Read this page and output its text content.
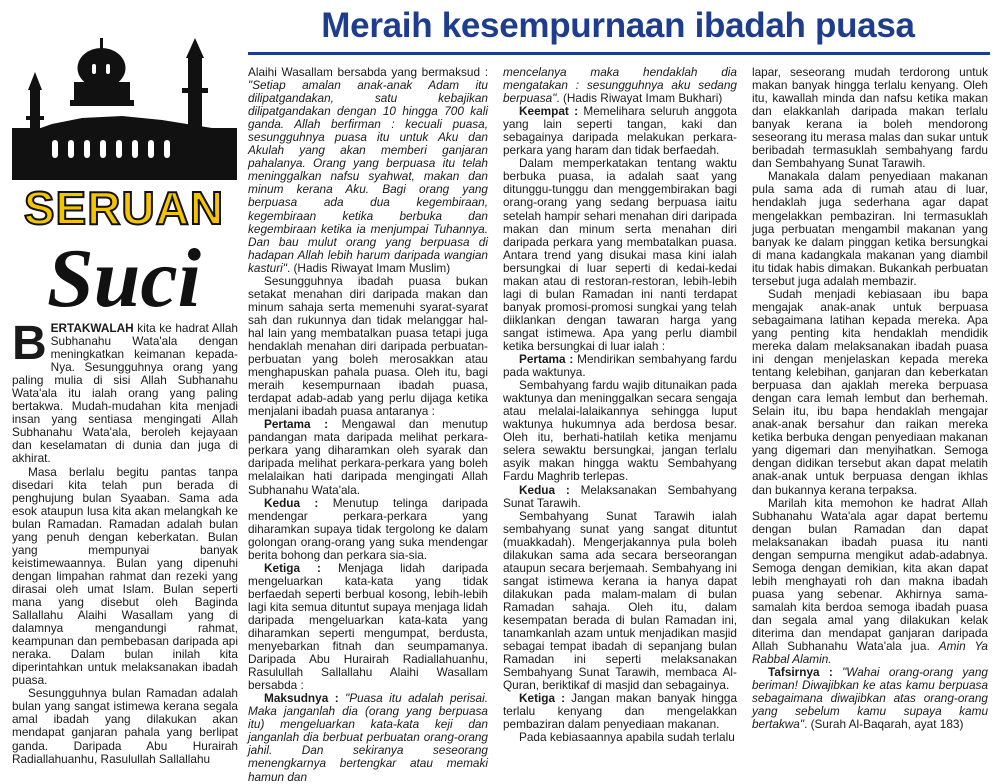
Meraih kesempurnaan ibadah puasa
SERUAN
Suci

BERTAKWALAH kita ke hadrat Allah Subhanahu Wata'ala dengan meningkatkan keimanan kepada-Nya. Sesungguhnya orang yang paling mulia di sisi Allah Subhanahu Wata'ala itu ialah orang yang paling bertakwa. Mudah-mudahan kita menjadi insan yang sentiasa mengingati Allah Subhanahu Wata'ala, beroleh kejayaan dan keselamatan di dunia dan juga di akhirat.

Masa berlalu begitu pantas tanpa disedari kita telah pun berada di penghujung bulan Syaaban. Sama ada esok ataupun lusa kita akan melangkah ke bulan Ramadan. Ramadan adalah bulan yang penuh dengan keberkatan. Bulan yang mempunyai banyak keistimewaannya. Bulan yang dipenuhi dengan limpahan rahmat dan rezeki yang dirasai oleh umat Islam. Bulan seperti mana yang disebut oleh Baginda Sallallahu Alaihi Wasallam yang di dalamnya mengandungi rahmat, keampunan dan pembebasan daripada api neraka. Dalam bulan inilah kita diperintahkan untuk melaksanakan ibadah puasa.

Sesungguhnya bulan Ramadan adalah bulan yang sangat istimewa kerana segala amal ibadah yang dilakukan akan mendapat ganjaran pahala yang berlipat ganda. Daripada Abu Hurairah Radiallahuanhu, Rasulullah Sallallahu

Alaihi Wasallam bersabda yang bermaksud : "Setiap amalan anak-anak Adam itu dilipatgandakan, satu kebajikan dilipatgandakan dengan 10 hingga 700 kali ganda. Allah berfirman : kecuali puasa, sesungguhnya puasa itu untuk Aku dan Akulah yang akan memberi ganjaran pahalanya. Orang yang berpuasa itu telah meninggalkan nafsu syahwat, makan dan minum kerana Aku. Bagi orang yang berpuasa ada dua kegembiraan, kegembiraan ketika berbuka dan kegembiraan ketika ia menjumpai Tuhannya. Dan bau mulut orang yang berpuasa di hadapan Allah lebih harum daripada wangian kasturi". (Hadis Riwayat Imam Muslim)

Sesungguhnya ibadah puasa bukan setakat menahan diri daripada makan dan minum sahaja serta memenuhi syarat-syarat sah dan rukunnya dan tidak melanggar hal-hal lain yang membatalkan puasa tetapi juga hendaklah menahan diri daripada perbuatan-perbuatan yang boleh merosakkan atau menghapuskan pahala puasa. Oleh itu, bagi meraih kesempurnaan ibadah puasa, terdapat adab-adab yang perlu dijaga ketika menjalani ibadah puasa antaranya :

Pertama : Mengawal dan menutup pandangan mata daripada melihat perkara-perkara yang diharamkan oleh syarak dan daripada melihat perkara-perkara yang boleh melalaikan hati daripada mengingati Allah Subhanahu Wata'ala.

Kedua : Menutup telinga daripada mendengar perkara-perkara yang diharamkan supaya tidak tergolong ke dalam golongan orang-orang yang suka mendengar berita bohong dan perkara sia-sia.

Ketiga : Menjaga lidah daripada mengeluarkan kata-kata yang tidak berfaedah seperti berbual kosong, lebih-lebih lagi kita semua dituntut supaya menjaga lidah daripada mengeluarkan kata-kata yang diharamkan seperti mengumpat, berdusta, menyebarkan fitnah dan seumpamanya. Daripada Abu Hurairah Radiallahuanhu, Rasulullah Sallallahu Alaihi Wasallam bersabda :

Maksudnya : "Puasa itu adalah perisai. Maka janganlah dia (orang yang berpuasa itu) mengeluarkan kata-kata keji dan janganlah dia berbuat perbuatan orang-orang jahil. Dan sekiranya seseorang menengkarnya bertengkar atau memaki hamun dan

mencelanya maka hendaklah dia mengatakan : sesungguhnya aku sedang berpuasa". (Hadis Riwayat Imam Bukhari)

Keempat : Memelihara seluruh anggota yang lain seperti tangan, kaki dan sebagainya daripada melakukan perkara-perkara yang haram dan tidak berfaedah.

Dalam memperkatakan tentang waktu berbuka puasa, ia adalah saat yang ditunggu-tunggu dan menggembirakan bagi orang-orang yang sedang berpuasa iaitu setelah hampir sehari menahan diri daripada makan dan minum serta menahan diri daripada perkara yang membatalkan puasa. Antara trend yang disukai masa kini ialah bersungkai di luar seperti di kedai-kedai makan atau di restoran-restoran, lebih-lebih lagi di bulan Ramadan ini nanti terdapat banyak promosi-promosi sungkai yang telah diiklankan dengan tawaran harga yang sangat istimewa. Apa yang perlu diambil ketika bersungkai di luar ialah :

Pertama : Mendirikan sembahyang fardu pada waktunya.

Sembahyang fardu wajib ditunaikan pada waktunya dan meninggalkan secara sengaja atau melalai-lalaikannya sehingga luput waktunya hukumnya ada berdosa besar. Oleh itu, berhati-hatilah ketika menjamu selera sewaktu bersungkai, jangan terlalu asyik makan hingga waktu Sembahyang Fardu Maghrib terlepas.

Kedua : Melaksanakan Sembahyang Sunat Tarawih.

Sembahyang Sunat Tarawih ialah sembahyang sunat yang sangat dituntut (muakkadah). Mengerjakannya pula boleh dilakukan sama ada secara berseorangan ataupun secara berjemaah. Sembahyang ini sangat istimewa kerana ia hanya dapat dilakukan pada malam-malam di bulan Ramadan sahaja. Oleh itu, dalam kesempatan berada di bulan Ramadan ini, tanamkanlah azam untuk menjadikan masjid sebagai tempat ibadah di sepanjang bulan Ramadan ini seperti melaksanakan Sembahyang Sunat Tarawih, membaca Al-Quran, beriktikaf di masjid dan sebagainya.

Ketiga : Jangan makan banyak hingga terlalu kenyang dan mengelakkan pembaziran dalam penyediaan makanan.

Pada kebiasaannya apabila sudah terlalu

lapar, seseorang mudah terdorong untuk makan banyak hingga terlalu kenyang. Oleh itu, kawallah minda dan nafsu ketika makan dan elakkanlah daripada makan terlalu banyak kerana ia boleh mendorong seseorang itu merasa malas dan sukar untuk beribadah termasuklah sembahyang fardu dan Sembahyang Sunat Tarawih.

Manakala dalam penyediaan makanan pula sama ada di rumah atau di luar, hendaklah juga sederhana agar dapat mengelakkan pembaziran. Ini termasuklah juga perbuatan mengambil makanan yang banyak ke dalam pinggan ketika bersungkai di mana kadangkala makanan yang diambil itu tidak habis dimakan. Bukankah perbuatan tersebut juga adalah membazir.

Sudah menjadi kebiasaan ibu bapa mengajak anak-anak untuk berpuasa sebagaimana latihan kepada mereka. Apa yang penting kita hendaklah mendidik mereka dalam melaksanakan ibadah puasa ini dengan menjelaskan kepada mereka tentang kelebihan, ganjaran dan keberkatan berpuasa dan ajaklah mereka berpuasa dengan cara lemah lembut dan berhemah. Selain itu, ibu bapa hendaklah mengajar anak-anak bersahur dan raikan mereka ketika berbuka dengan penyediaan makanan yang digemari dan menyihatkan. Semoga dengan didikan tersebut akan dapat melatih anak-anak untuk berpuasa dengan ikhlas dan bukannya kerana terpaksa.

Marilah kita memohon ke hadrat Allah Subhanahu Wata'ala agar dapat bertemu dengan bulan Ramadan dan dapat melaksanakan ibadah puasa itu nanti dengan sempurna mengikut adab-adabnya. Semoga dengan demikian, kita akan dapat lebih menghayati roh dan makna ibadah puasa yang sebenar. Akhirnya sama-samalah kita berdoa semoga ibadah puasa dan segala amal yang dilakukan kelak diterima dan mendapat ganjaran daripada Allah Subhanahu Wata'ala jua. Amin Ya Rabbal Alamin.

Tafsirnya : "Wahai orang-orang yang beriman! Diwajibkan ke atas kamu berpuasa sebagaimana diwajibkan atas orang-orang yang sebelum kamu supaya kamu bertakwa". (Surah Al-Baqarah, ayat 183)
